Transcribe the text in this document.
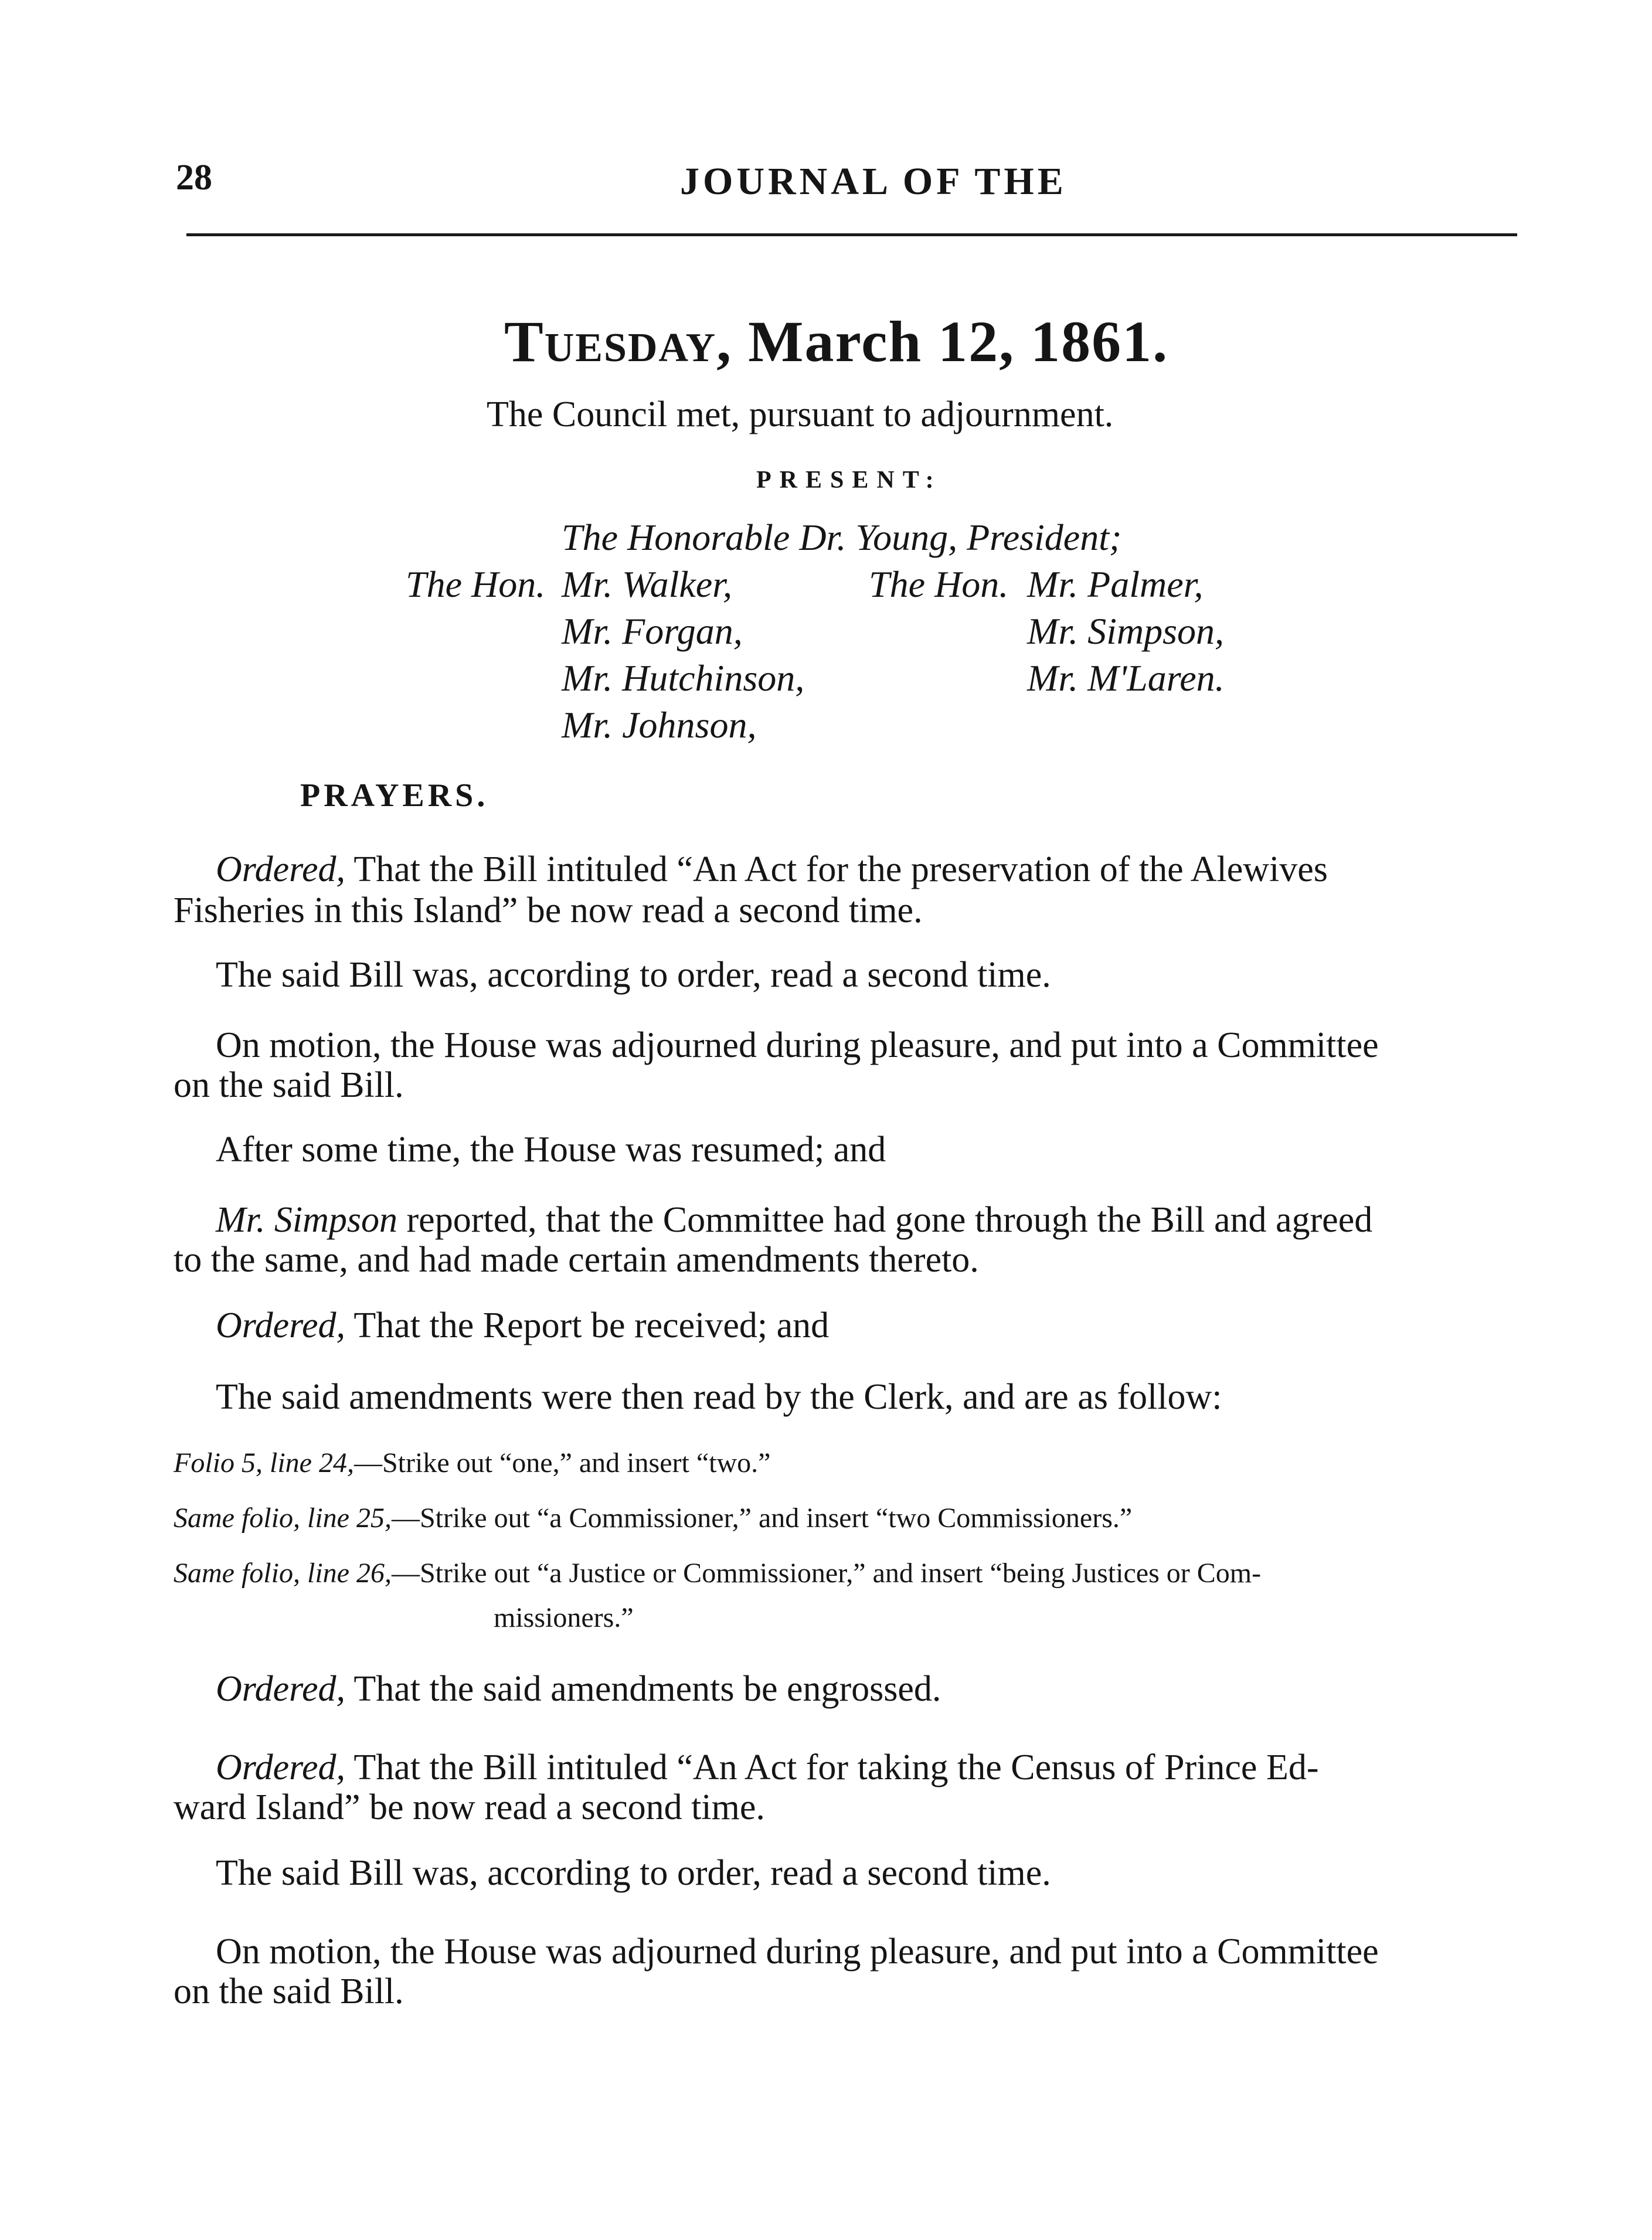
28	JOURNAL OF THE
Tuesday, March 12, 1861.
The Council met, pursuant to adjournment.
PRESENT:
The Honorable Dr. Young, President;
The Hon. Mr. Walker,
Mr. Forgan,
Mr. Hutchinson,
Mr. Johnson,
The Hon. Mr. Palmer,
Mr. Simpson,
Mr. M'Laren.
PRAYERS.
Ordered, That the Bill intituled “An Act for the preservation of the Alewives
Fisheries in this Island” be now read a second time.
The said Bill was, according to order, read a second time.
On motion, the House was adjourned during pleasure, and put into a Committee
on the said Bill.
After some time, the House was resumed; and
Mr. Simpson reported, that the Committee had gone through the Bill and agreed
to the same, and had made certain amendments thereto.
Ordered, That the Report be received; and
The said amendments were then read by the Clerk, and are as follow:
Folio 5, line 24,—Strike out “one,” and insert “two.”
Same folio, line 25,—Strike out “a Commissioner,” and insert “two Commissioners.”
Same folio, line 26,—Strike out “a Justice or Commissioner,” and insert “being Justices or Com-
missioners.”
Ordered, That the said amendments be engrossed.
Ordered, That the Bill intituled “An Act for taking the Census of Prince Ed-
ward Island” be now read a second time.
The said Bill was, according to order, read a second time.
On motion, the House was adjourned during pleasure, and put into a Committee
on the said Bill.
